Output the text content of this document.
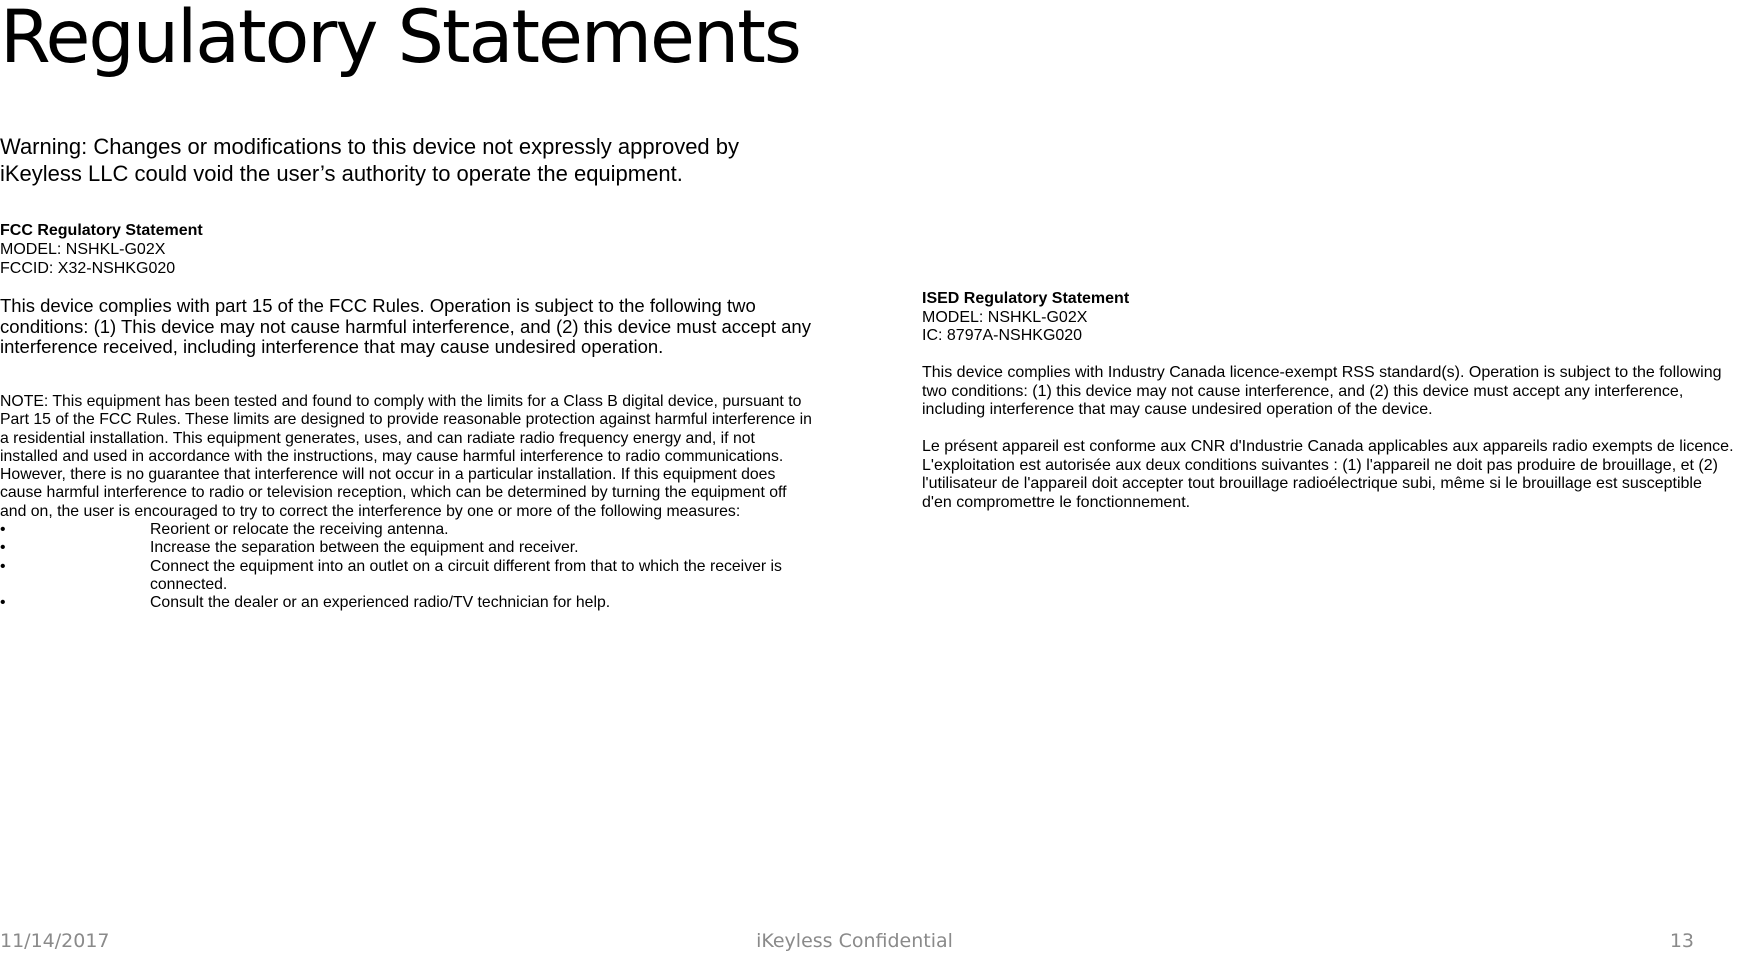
Regulatory Statements

Warning: Changes or modifications to this device not expressly approved by iKeyless LLC could void the user’s authority to operate the equipment.

FCC Regulatory Statement
MODEL: NSHKL-G02X
FCCID: X32-NSHKG020

This device complies with part 15 of the FCC Rules. Operation is subject to the following two conditions: (1) This device may not cause harmful interference, and (2) this device must accept any interference received, including interference that may cause undesired operation.

NOTE: This equipment has been tested and found to comply with the limits for a Class B digital device, pursuant to Part 15 of the FCC Rules. These limits are designed to provide reasonable protection against harmful interference in a residential installation. This equipment generates, uses, and can radiate radio frequency energy and, if not installed and used in accordance with the instructions, may cause harmful interference to radio communications. However, there is no guarantee that interference will not occur in a particular installation. If this equipment does cause harmful interference to radio or television reception, which can be determined by turning the equipment off and on, the user is encouraged to try to correct the interference by one or more of the following measures:

•	Reorient or relocate the receiving antenna.
•	Increase the separation between the equipment and receiver.
•	Connect the equipment into an outlet on a circuit different from that to which the receiver is connected.
•	Consult the dealer or an experienced radio/TV technician for help.
ISED Regulatory Statement
MODEL: NSHKL-G02X
IC: 8797A-NSHKG020

This device complies with Industry Canada licence-exempt RSS standard(s). Operation is subject to the following two conditions: (1) this device may not cause interference, and (2) this device must accept any interference, including interference that may cause undesired operation of the device.

Le présent appareil est conforme aux CNR d'Industrie Canada applicables aux appareils radio exempts de licence. L'exploitation est autorisée aux deux conditions suivantes : (1) l'appareil ne doit pas produire de brouillage, et (2) l'utilisateur de l'appareil doit accepter tout brouillage radioélectrique subi, même si le brouillage est susceptible d'en compromettre le fonctionnement.

11/14/2017	iKeyless Confidential	13
